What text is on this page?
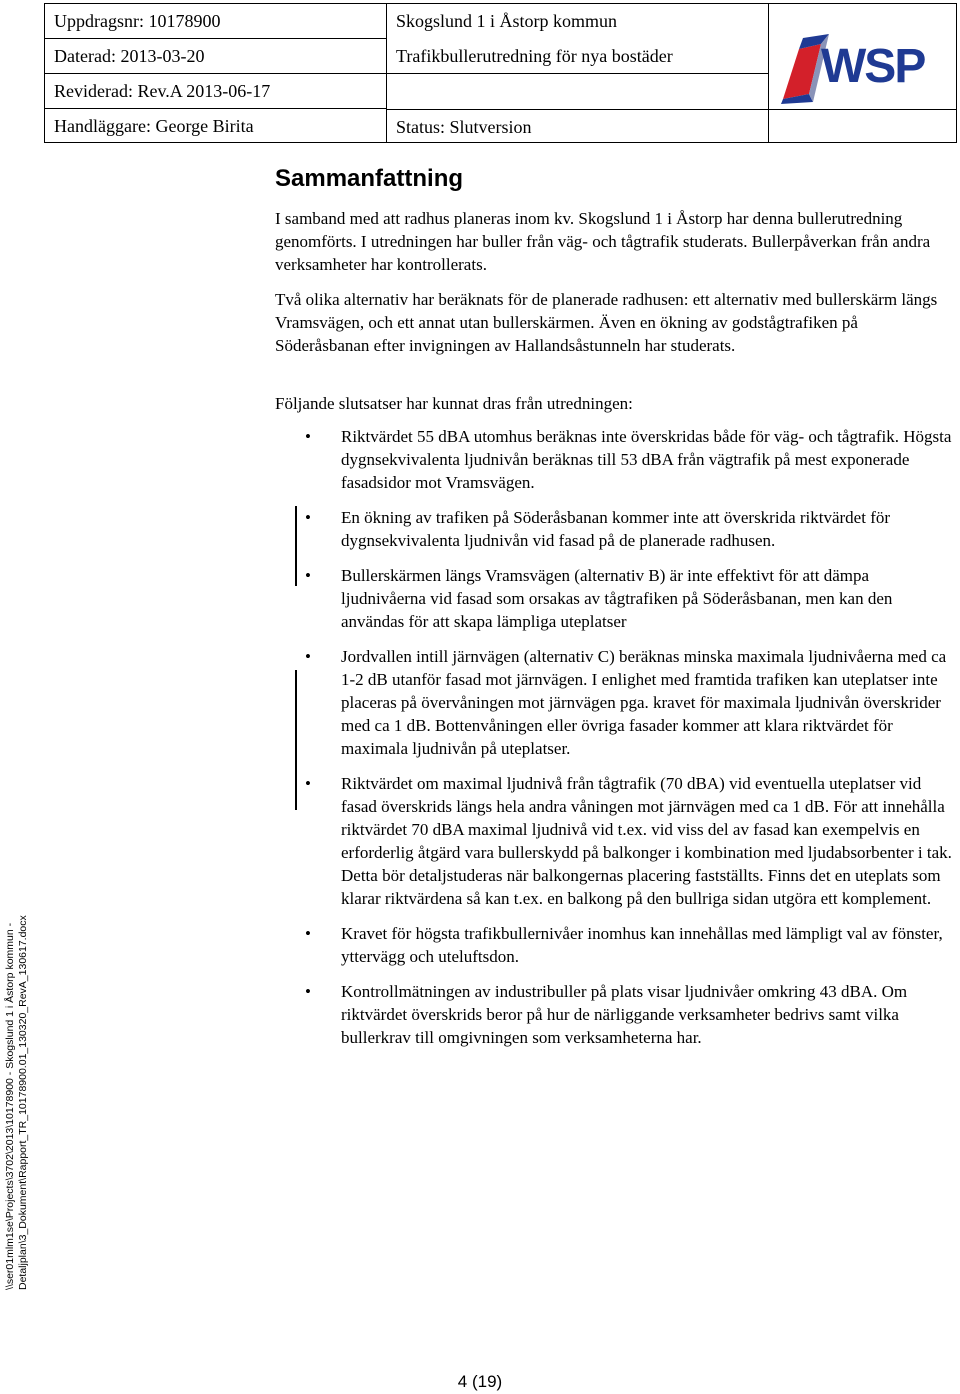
Uppdragsnr: 10178900
Daterad: 2013-03-20
Reviderad: Rev.A 2013-06-17
Handläggare: George Birita
Skogslund 1 i Åstorp kommun
Trafikbullerutredning för nya bostäder
Status: Slutversion
WSP
Sammanfattning
I samband med att radhus planeras inom kv. Skogslund 1 i Åstorp har denna bullerutredning genomförts. I utredningen har buller från väg- och tågtrafik studerats. Bullerpåverkan från andra verksamheter har kontrollerats.
Två olika alternativ har beräknats för de planerade radhusen: ett alternativ med bullerskärm längs Vramsvägen, och ett annat utan bullerskärmen. Även en ökning av godstågtrafiken på Söderåsbanan efter invigningen av Hallandsåstunneln har studerats.
Följande slutsatser har kunnat dras från utredningen:
• Riktvärdet 55 dBA utomhus beräknas inte överskridas både för väg- och tågtrafik. Högsta dygnsekvivalenta ljudnivån beräknas till 53 dBA från vägtrafik på mest exponerade fasadsidor mot Vramsvägen.
• En ökning av trafiken på Söderåsbanan kommer inte att överskrida riktvärdet för dygnsekvivalenta ljudnivån vid fasad på de planerade radhusen.
• Bullerskärmen längs Vramsvägen (alternativ B) är inte effektivt för att dämpa ljudnivåerna vid fasad som orsakas av tågtrafiken på Söderåsbanan, men kan den användas för att skapa lämpliga uteplatser
• Jordvallen intill järnvägen (alternativ C) beräknas minska maximala ljudnivåerna med ca 1-2 dB utanför fasad mot järnvägen. I enlighet med framtida trafiken kan uteplatser inte placeras på övervåningen mot järnvägen pga. kravet för maximala ljudnivån överskrider med ca 1 dB. Bottenvåningen eller övriga fasader kommer att klara riktvärdet för maximala ljudnivån på uteplatser.
• Riktvärdet om maximal ljudnivå från tågtrafik (70 dBA) vid eventuella uteplatser vid fasad överskrids längs hela andra våningen mot järnvägen med ca 1 dB. För att innehålla riktvärdet 70 dBA maximal ljudnivå vid t.ex. vid viss del av fasad kan exempelvis en erforderlig åtgärd vara bullerskydd på balkonger i kombination med ljudabsorbenter i tak. Detta bör detaljstuderas när balkongernas placering fastställts. Finns det en uteplats som klarar riktvärdena så kan t.ex. en balkong på den bullriga sidan utgöra ett komplement.
• Kravet för högsta trafikbullernivåer inomhus kan innehållas med lämpligt val av fönster, yttervägg och uteluftsdon.
• Kontrollmätningen av industribuller på plats visar ljudnivåer omkring 43 dBA. Om riktvärdet överskrids beror på hur de närliggande verksamheter bedrivs samt vilka bullerkrav till omgivningen som verksamheterna har.
\\ser01mlm1se\Projects\3702\2013\10178900 - Skogslund 1 i Åstorp kommun - Detaljplan\3_Dokument\Rapport_TR_10178900.01_130320_RevA_130617.docx
4 (19)
